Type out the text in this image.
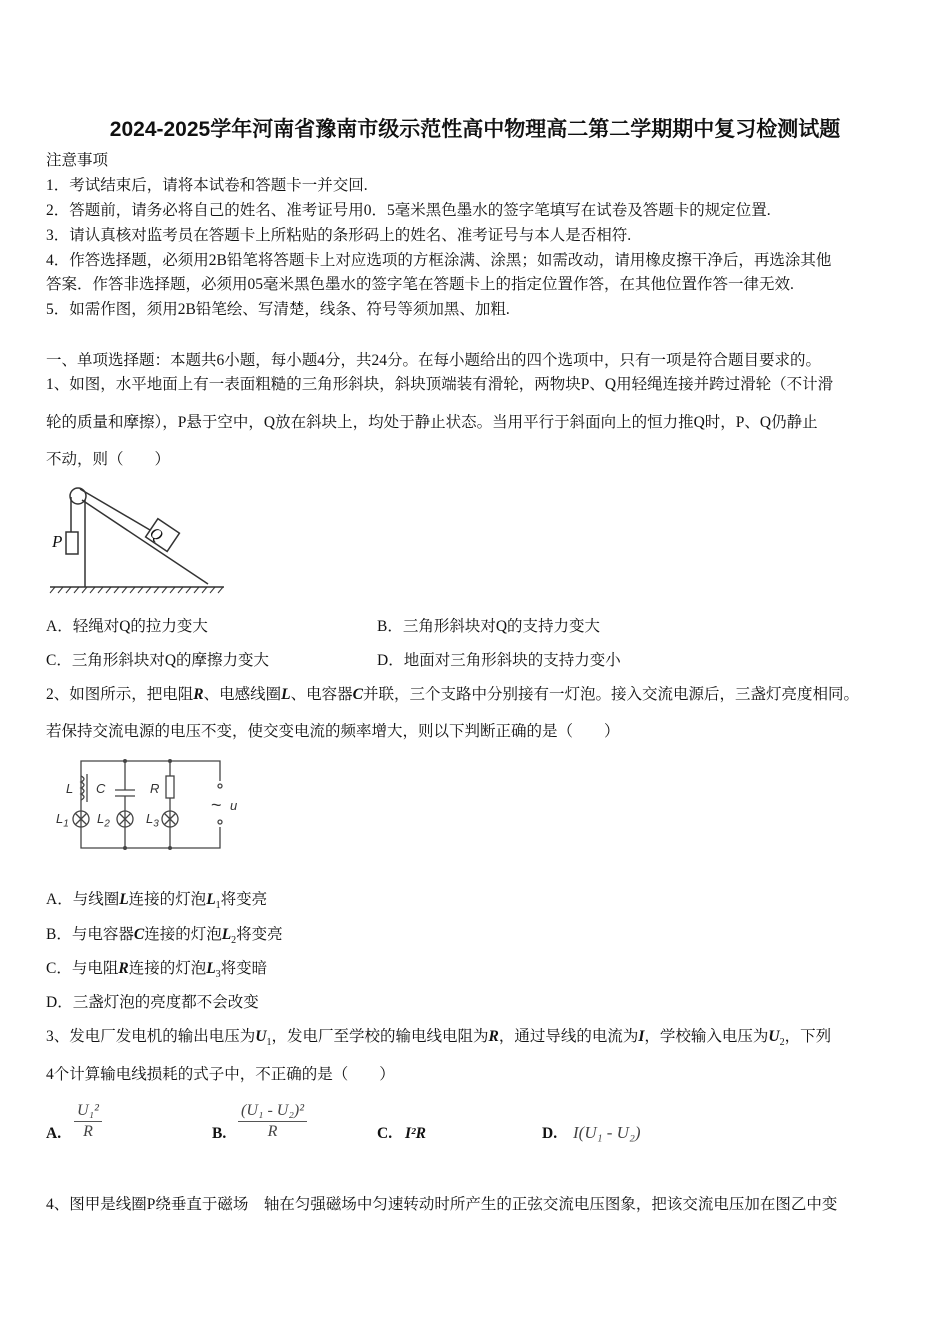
2024-2025学年河南省豫南市级示范性高中物理高二第二学期期中复习检测试题
注意事项
1．考试结束后，请将本试卷和答题卡一并交回.
2．答题前，请务必将自己的姓名、准考证号用0．5毫米黑色墨水的签字笔填写在试卷及答题卡的规定位置.
3．请认真核对监考员在答题卡上所粘贴的条形码上的姓名、准考证号与本人是否相符.
4．作答选择题，必须用2B铅笔将答题卡上对应选项的方框涂满、涂黑；如需改动，请用橡皮擦干净后，再选涂其他
答案．作答非选择题，必须用05毫米黑色墨水的签字笔在答题卡上的指定位置作答，在其他位置作答一律无效.
5．如需作图，须用2B铅笔绘、写清楚，线条、符号等须加黑、加粗.
一、单项选择题：本题共6小题，每小题4分，共24分。在每小题给出的四个选项中，只有一项是符合题目要求的。
1、如图，水平地面上有一表面粗糙的三角形斜块，斜块顶端装有滑轮，两物块P、Q用轻绳连接并跨过滑轮（不计滑
轮的质量和摩擦），P悬于空中，Q放在斜块上，均处于静止状态。当用平行于斜面向上的恒力推Q时，P、Q仍静止
不动，则（　　）
P	Q
A．轻绳对Q的拉力变大	B．三角形斜块对Q的支持力变大
C．三角形斜块对Q的摩擦力变大	D．地面对三角形斜块的支持力变小
2、如图所示，把电阻R、电感线圈L、电容器C并联，三个支路中分别接有一灯泡。接入交流电源后，三盏灯亮度相同。
若保持交流电源的电压不变，使交变电流的频率增大，则以下判断正确的是（　　）
L C	R
$L_1$ $L_2$	$L_3$
~ u
A．与线圈L连接的灯泡$L_1$将变亮
B．与电容器C连接的灯泡$L_2$将变亮
C．与电阻R连接的灯泡$L_3$将变暗
D．三盏灯泡的亮度都不会改变
3、发电厂发电机的输出电压为$U_1$，发电厂至学校的输电线电阻为R，通过导线的电流为I，学校输入电压为$U_2$，下列
4个计算输电线损耗的式子中，不正确的是（　　）
A. $\frac{\text{U₁²}}{R}$	B. $\frac{\text{(U₁ - U₂)²}}{R}$	C. I²R	D. I(U₁ - U₂)
4、图甲是线圈P绕垂直于磁场　轴在匀强磁场中匀速转动时所产生的正弦交流电压图象，把该交流电压加在图乙中变
